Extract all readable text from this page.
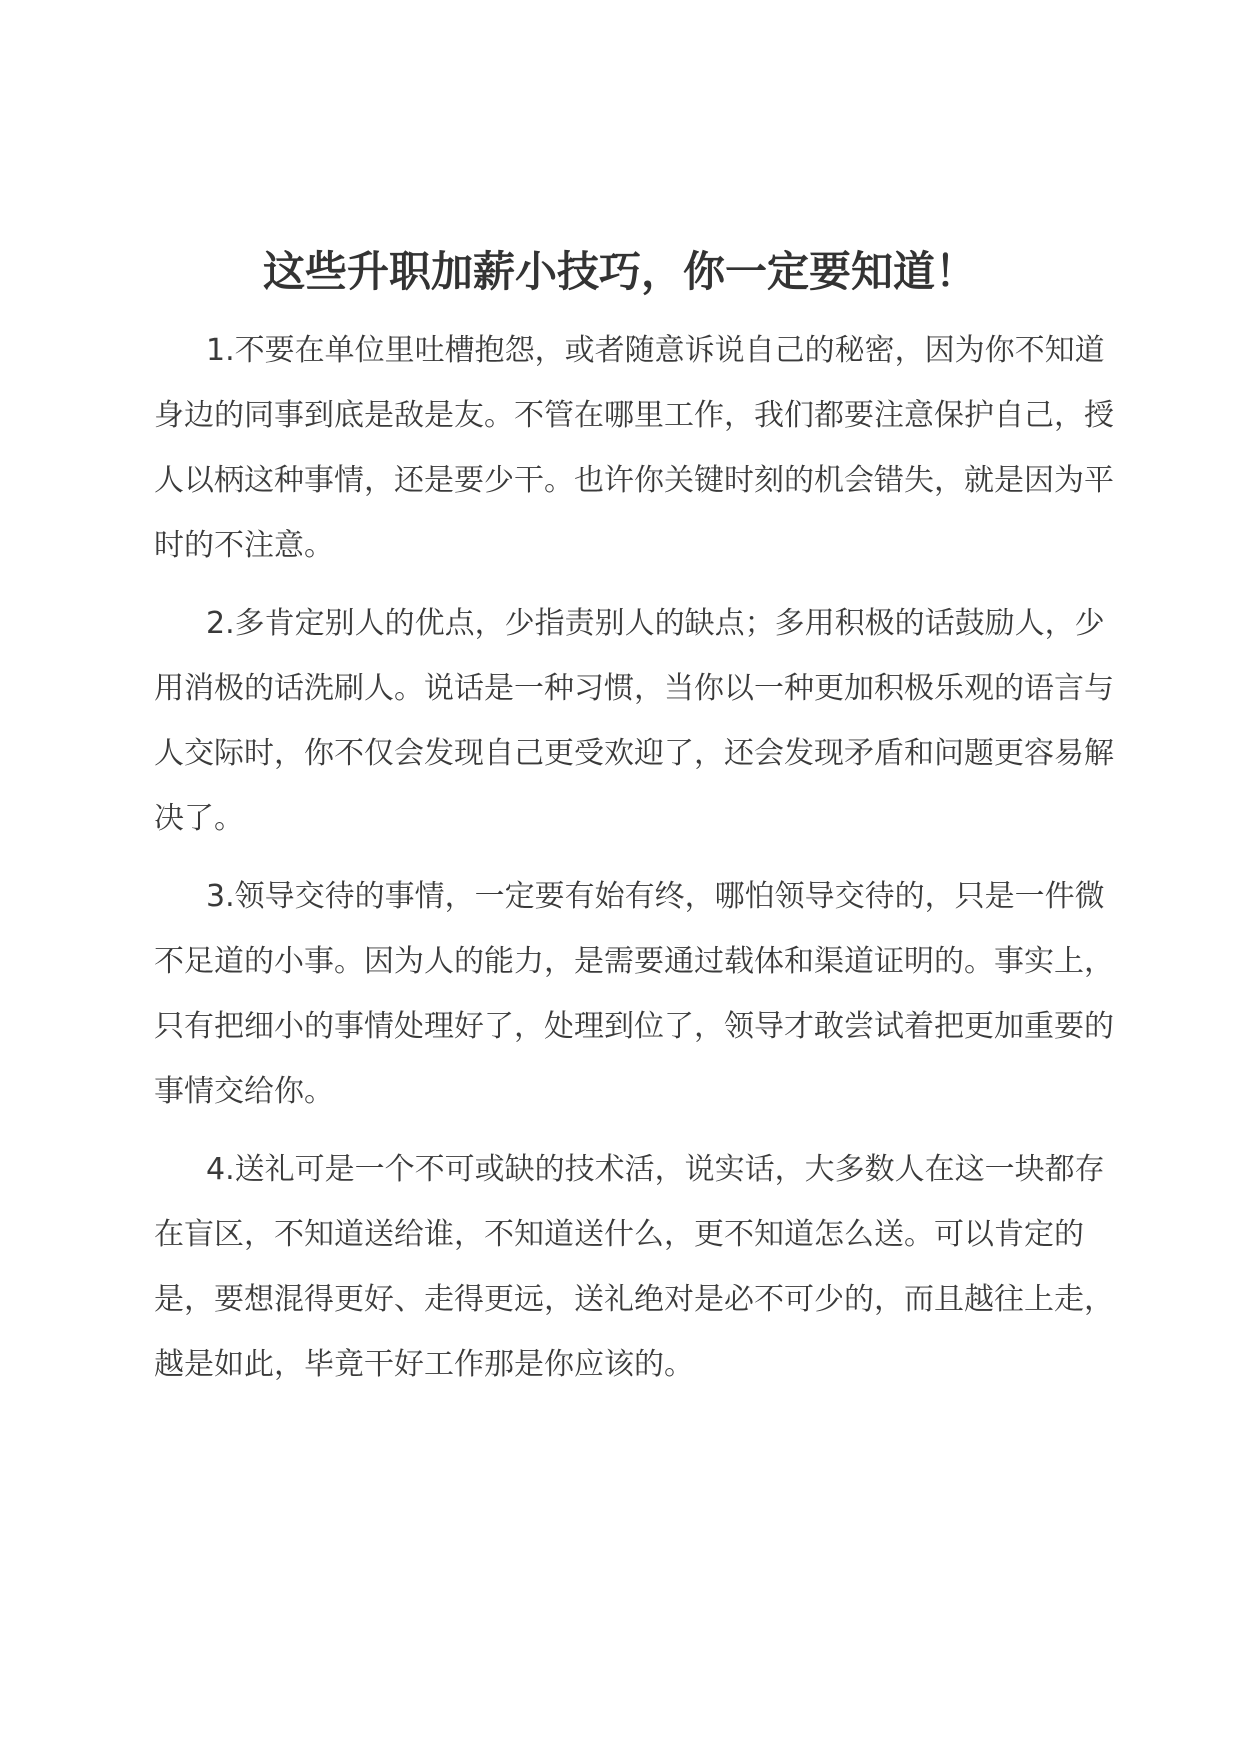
这些升职加薪小技巧，你一定要知道！

1.不要在单位里吐槽抱怨，或者随意诉说自己的秘密，因为你不知道身边的同事到底是敌是友。不管在哪里工作，我们都要注意保护自己，授人以柄这种事情，还是要少干。也许你关键时刻的机会错失，就是因为平时的不注意。

2.多肯定别人的优点，少指责别人的缺点；多用积极的话鼓励人，少用消极的话洗刷人。说话是一种习惯，当你以一种更加积极乐观的语言与人交际时，你不仅会发现自己更受欢迎了，还会发现矛盾和问题更容易解决了。

3.领导交待的事情，一定要有始有终，哪怕领导交待的，只是一件微不足道的小事。因为人的能力，是需要通过载体和渠道证明的。事实上，只有把细小的事情处理好了，处理到位了，领导才敢尝试着把更加重要的事情交给你。

4.送礼可是一个不可或缺的技术活，说实话，大多数人在这一块都存在盲区，不知道送给谁，不知道送什么，更不知道怎么送。可以肯定的是，要想混得更好、走得更远，送礼绝对是必不可少的，而且越往上走，越是如此，毕竟干好工作那是你应该的。
